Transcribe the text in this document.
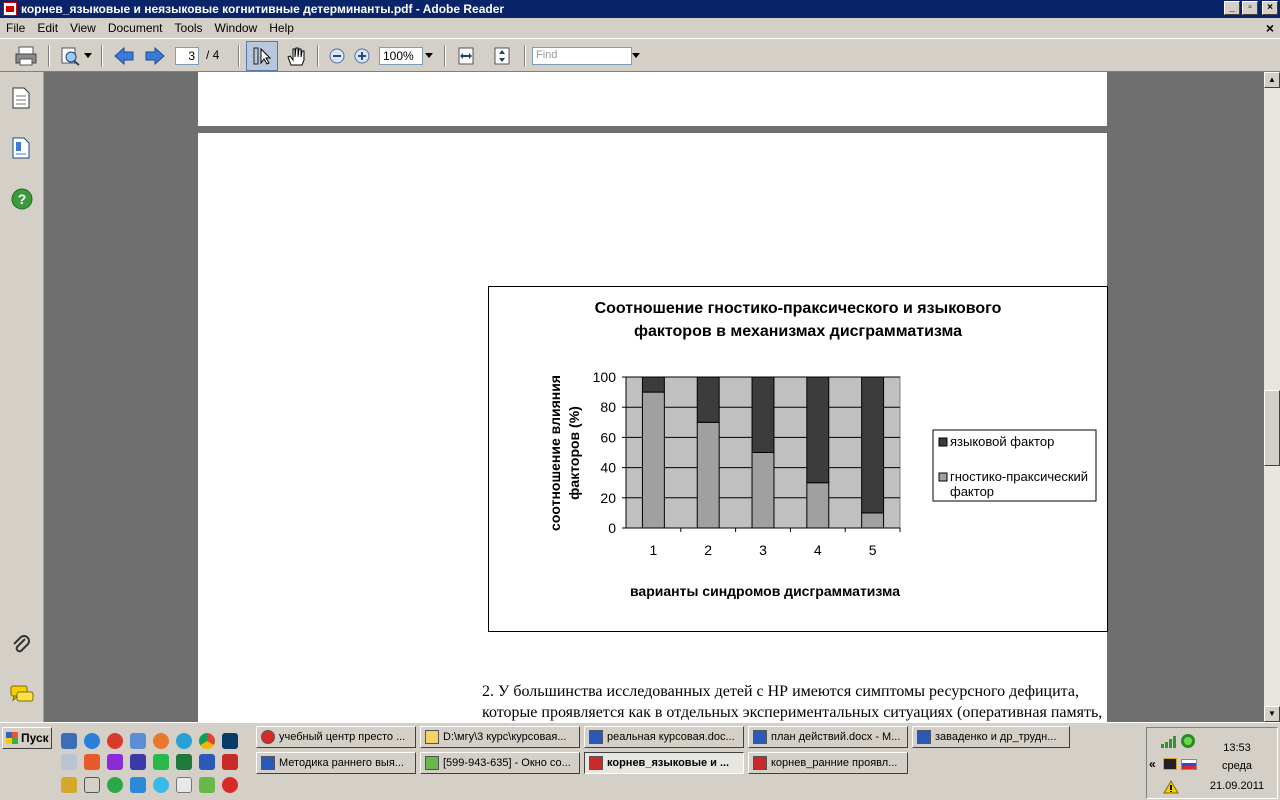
корнев_языковые и неязыковые когнитивные детерминанты.pdf - Adobe Reader	_	▫	×
File	Edit	View	Document	Tools	Window	Help	×
3 / 4	100%	Find
?
Соотношение гностико-праксического и языкового
факторов в механизмах дисграмматизма
0
20
40
60
80
100
1	2	3	4	5
варианты синдромов дисграмматизма
соотношение влияния факторов (%)	языковой фактор
гностико-праксический
фактор

2. У большинства исследованных детей с НР имеются симптомы ресурсного дефицита,

которые проявляется как в отдельных экспериментальных ситуациях (оперативная память,

▲
▼
Пуск	учебный центр престо ...	D:\мгу\3 курс\курсовая...	реальная курсовая.doc...	план действий.docx - M...	заваденко и др_трудн...
Методика раннего выя...	[599-943-635] - Окно со...	корнев_языковые и ...	корнев_ранние проявл...	«
13:53
среда
21.09.2011
